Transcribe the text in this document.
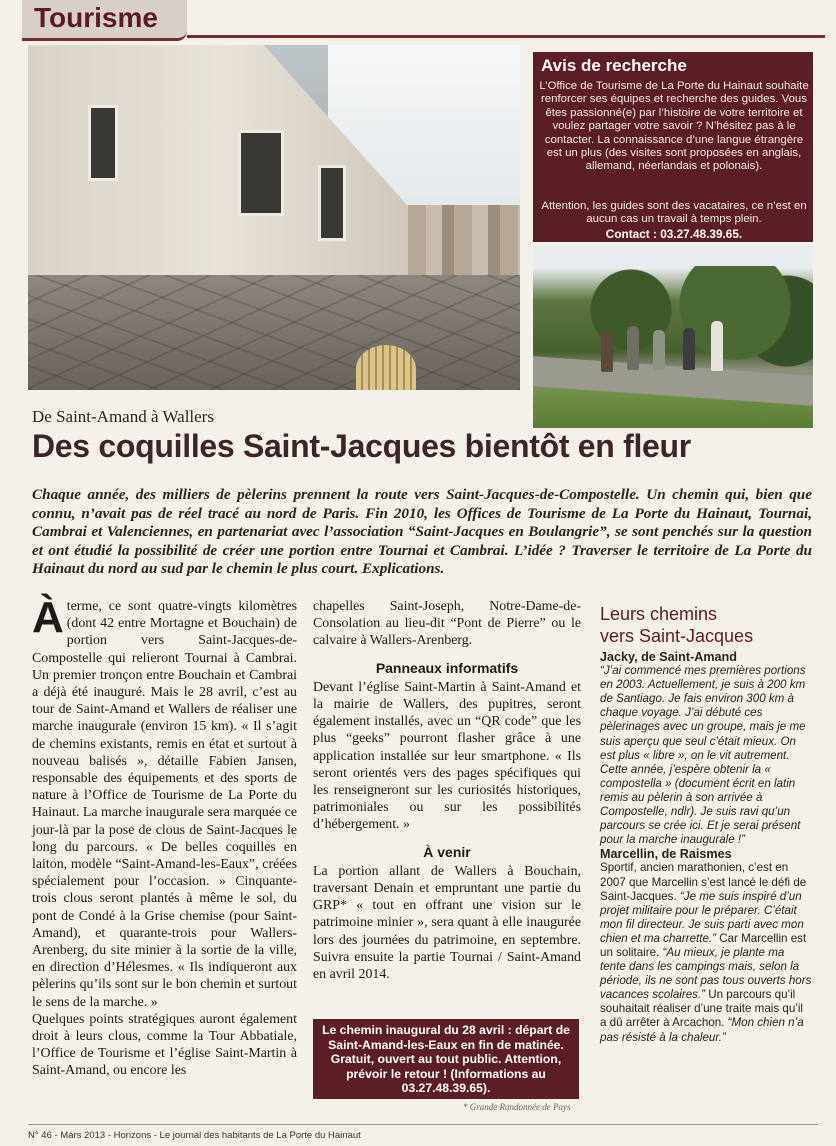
Tourisme
Avis de recherche

L’Office de Tourisme de La Porte du Hainaut souhaite renforcer ses équipes et recherche des guides. Vous êtes passionné(e) par l’histoire de votre territoire et voulez partager votre savoir ? N’hésitez pas à le contacter. La connaissance d’une langue étrangère est un plus (des visites sont proposées en anglais, allemand, néerlandais et polonais).

Attention, les guides sont des vacataires, ce n’est en aucun cas un travail à temps plein.

Contact : 03.27.48.39.65.
De Saint-Amand à Wallers
Des coquilles Saint-Jacques bientôt en fleur
Chaque année, des milliers de pèlerins prennent la route vers Saint-Jacques-de-Compostelle. Un chemin qui, bien que connu, n’avait pas de réel tracé au nord de Paris. Fin 2010, les Offices de Tourisme de La Porte du Hainaut, Tournai, Cambrai et Valenciennes, en partenariat avec l’association “Saint-Jacques en Boulangrie”, se sont penchés sur la question et ont étudié la possibilité de créer une portion entre Tournai et Cambrai. L’idée ? Traverser le territoire de La Porte du Hainaut du nord au sud par le chemin le plus court. Explications.

À terme, ce sont quatre-vingts kilomètres (dont 42 entre Mortagne et Bouchain) de portion vers Saint-Jacques-de-Compostelle qui relieront Tournai à Cambrai. Un premier tronçon entre Bouchain et Cambrai a déjà été inauguré. Mais le 28 avril, c’est au tour de Saint-Amand et Wallers de réaliser une marche inaugurale (environ 15 km). « Il s’agit de chemins existants, remis en état et surtout à nouveau balisés », détaille Fabien Jansen, responsable des équipements et des sports de nature à l’Office de Tourisme de La Porte du Hainaut. La marche inaugurale sera marquée ce jour-là par la pose de clous de Saint-Jacques le long du parcours. « De belles coquilles en laiton, modèle “Saint-Amand-les-Eaux”, créées spécialement pour l’occasion. » Cinquante-trois clous seront plantés à même le sol, du pont de Condé à la Grise chemise (pour Saint-Amand), et quarante-trois pour Wallers-Arenberg, du site minier à la sortie de la ville, en direction d’Hélesmes. « Ils indiqueront aux pèlerins qu’ils sont sur le bon chemin et surtout le sens de la marche. »

Quelques points stratégiques auront également droit à leurs clous, comme la Tour Abbatiale, l’Office de Tourisme et l’église Saint-Martin à Saint-Amand, ou encore les

chapelles Saint-Joseph, Notre-Dame-de-Consolation au lieu-dit “Pont de Pierre” ou le calvaire à Wallers-Arenberg.

Panneaux informatifs

Devant l’église Saint-Martin à Saint-Amand et la mairie de Wallers, des pupitres, seront également installés, avec un “QR code” que les plus “geeks” pourront flasher grâce à une application installée sur leur smartphone. « Ils seront orientés vers des pages spécifiques qui les renseigneront sur les curiosités historiques, patrimoniales ou sur les possibilités d’hébergement. »

À venir

La portion allant de Wallers à Bouchain, traversant Denain et empruntant une partie du GRP* « tout en offrant une vision sur le patrimoine minier », sera quant à elle inaugurée lors des journées du patrimoine, en septembre. Suivra ensuite la partie Tournai / Saint-Amand en avril 2014.

Le chemin inaugural du 28 avril : départ de Saint-Amand-les-Eaux en fin de matinée. Gratuit, ouvert au tout public. Attention, prévoir le retour ! (Informations au 03.27.48.39.65).
* Grande Randonnée de Pays
Leurs chemins
vers Saint-Jacques

Jacky, de Saint-Amand

“J’ai commencé mes premières portions en 2003. Actuellement, je suis à 200 km de Santiago. Je fais environ 300 km à chaque voyage. J’ai débuté ces pèlerinages avec un groupe, mais je me suis aperçu que seul c’était mieux. On est plus « libre », on le vit autrement. Cette année, j’espère obtenir la « compostella » (document écrit en latin remis au pèlerin à son arrivée à Compostelle, ndlr). Je suis ravi qu’un parcours se crée ici. Et je serai présent pour la marche inaugurale !”

Marcellin, de Raismes

Sportif, ancien marathonien, c’est en 2007 que Marcellin s’est lancé le défi de Saint-Jacques. “Je me suis inspiré d’un projet militaire pour le préparer. C’était mon fil directeur. Je suis parti avec mon chien et ma charrette.” Car Marcellin est un solitaire. “Au mieux, je plante ma tente dans les campings mais, selon la période, ils ne sont pas tous ouverts hors vacances scolaires.” Un parcours qu’il souhaitait réaliser d’une traite mais qu’il a dû arrêter à Arcachon. “Mon chien n’a pas résisté à la chaleur.”

N° 46 - Mars 2013 - Horizons - Le journal des habitants de La Porte du Hainaut
